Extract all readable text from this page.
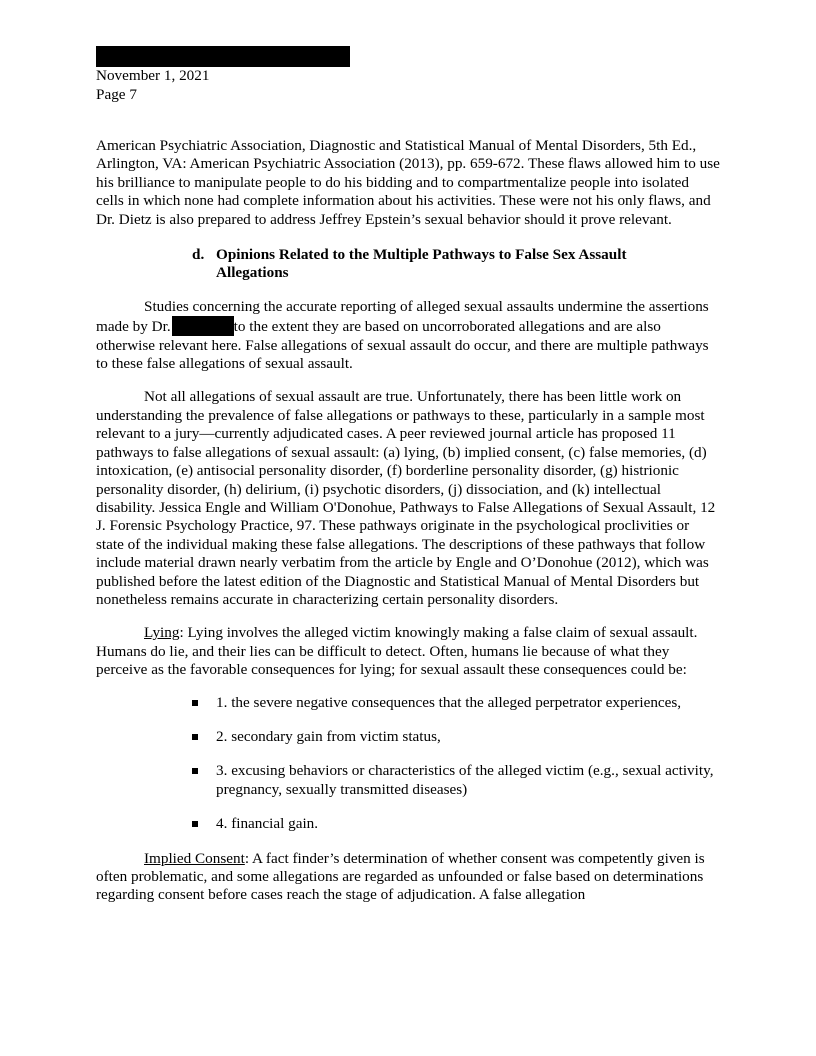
November 1, 2021
Page 7

American Psychiatric Association, Diagnostic and Statistical Manual of Mental Disorders, 5th Ed., Arlington, VA: American Psychiatric Association (2013), pp. 659-672. These flaws allowed him to use his brilliance to manipulate people to do his bidding and to compartmentalize people into isolated cells in which none had complete information about his activities. These were not his only flaws, and Dr. Dietz is also prepared to address Jeffrey Epstein’s sexual behavior should it prove relevant.

d. Opinions Related to the Multiple Pathways to False Sex Assault Allegations

Studies concerning the accurate reporting of alleged sexual assaults undermine the assertions made by Dr.	to the extent they are based on uncorroborated allegations and are also otherwise relevant here. False allegations of sexual assault do occur, and there are multiple pathways to these false allegations of sexual assault.

Not all allegations of sexual assault are true. Unfortunately, there has been little work on understanding the prevalence of false allegations or pathways to these, particularly in a sample most relevant to a jury—currently adjudicated cases. A peer reviewed journal article has proposed 11 pathways to false allegations of sexual assault: (a) lying, (b) implied consent, (c) false memories, (d) intoxication, (e) antisocial personality disorder, (f) borderline personality disorder, (g) histrionic personality disorder, (h) delirium, (i) psychotic disorders, (j) dissociation, and (k) intellectual disability. Jessica Engle and William O'Donohue, Pathways to False Allegations of Sexual Assault, 12 J. Forensic Psychology Practice, 97. These pathways originate in the psychological proclivities or state of the individual making these false allegations. The descriptions of these pathways that follow include material drawn nearly verbatim from the article by Engle and O’Donohue (2012), which was published before the latest edition of the Diagnostic and Statistical Manual of Mental Disorders but nonetheless remains accurate in characterizing certain personality disorders.

Lying: Lying involves the alleged victim knowingly making a false claim of sexual assault. Humans do lie, and their lies can be difficult to detect. Often, humans lie because of what they perceive as the favorable consequences for lying; for sexual assault these consequences could be:

1. the severe negative consequences that the alleged perpetrator experiences,
2. secondary gain from victim status,
3. excusing behaviors or characteristics of the alleged victim (e.g., sexual activity, pregnancy, sexually transmitted diseases)
4. financial gain.

Implied Consent: A fact finder’s determination of whether consent was competently given is often problematic, and some allegations are regarded as unfounded or false based on determinations regarding consent before cases reach the stage of adjudication. A false allegation
